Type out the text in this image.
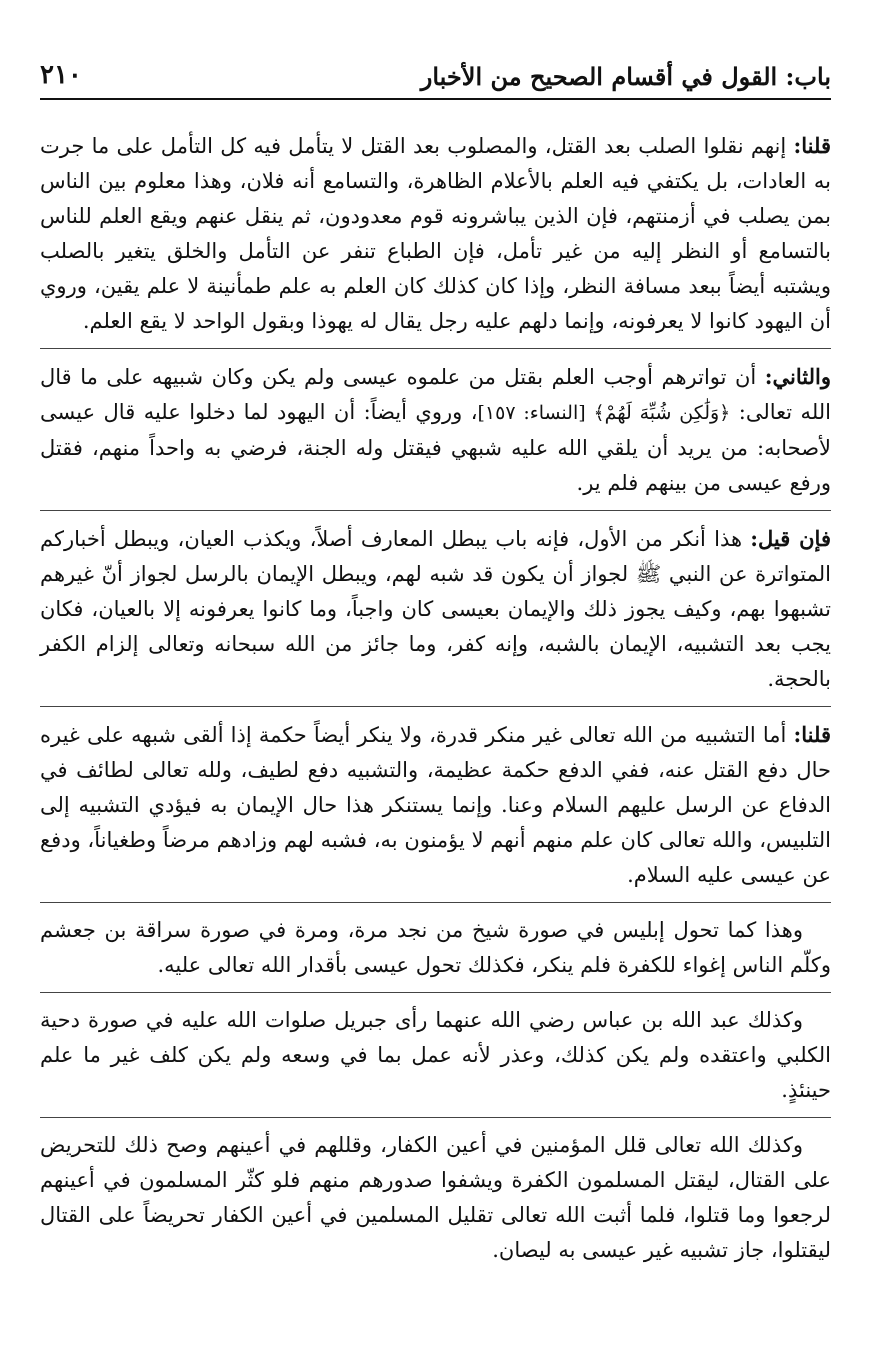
باب: القول في أقسام الصحيح من الأخبار
٢١٠

قلنا: إنهم نقلوا الصلب بعد القتل، والمصلوب بعد القتل لا يتأمل فيه كل التأمل على ما جرت به العادات، بل يكتفي فيه العلم بالأعلام الظاهرة، والتسامع أنه فلان، وهذا معلوم بين الناس بمن يصلب في أزمنتهم، فإن الذين يباشرونه قوم معدودون، ثم ينقل عنهم ويقع العلم للناس بالتسامع أو النظر إليه من غير تأمل، فإن الطباع تنفر عن التأمل والخلق يتغير بالصلب ويشتبه أيضاً ببعد مسافة النظر، وإذا كان كذلك كان العلم به علم طمأنينة لا علم يقين، وروي أن اليهود كانوا لا يعرفونه، وإنما دلهم عليه رجل يقال له يهوذا وبقول الواحد لا يقع العلم.

والثاني: أن تواترهم أوجب العلم بقتل من علموه عيسى ولم يكن وكان شبيهه على ما قال الله تعالى: ﴿وَلَٰكِن شُبِّهَ لَهُمْ﴾ [النساء: ١٥٧]، وروي أيضاً: أن اليهود لما دخلوا عليه قال عيسى لأصحابه: من يريد أن يلقي الله عليه شبهي فيقتل وله الجنة، فرضي به واحداً منهم، فقتل ورفع عيسى من بينهم فلم ير.

فإن قيل: هذا أنكر من الأول، فإنه باب يبطل المعارف أصلاً، ويكذب العيان، ويبطل أخباركم المتواترة عن النبي ﷺ لجواز أن يكون قد شبه لهم، ويبطل الإيمان بالرسل لجواز أنّ غيرهم تشبهوا بهم، وكيف يجوز ذلك والإيمان بعيسى كان واجباً، وما كانوا يعرفونه إلا بالعيان، فكان يجب بعد التشبيه، الإيمان بالشبه، وإنه كفر، وما جائز من الله سبحانه وتعالى إلزام الكفر بالحجة.

قلنا: أما التشبيه من الله تعالى غير منكر قدرة، ولا ينكر أيضاً حكمة إذا ألقى شبهه على غيره حال دفع القتل عنه، ففي الدفع حكمة عظيمة، والتشبيه دفع لطيف، ولله تعالى لطائف في الدفاع عن الرسل عليهم السلام وعنا. وإنما يستنكر هذا حال الإيمان به فيؤدي التشبيه إلى التلبيس، والله تعالى كان علم منهم أنهم لا يؤمنون به، فشبه لهم وزادهم مرضاً وطغياناً، ودفع عن عيسى عليه السلام.

وهذا كما تحول إبليس في صورة شيخ من نجد مرة، ومرة في صورة سراقة بن جعشم وكلّم الناس إغواء للكفرة فلم ينكر، فكذلك تحول عيسى بأقدار الله تعالى عليه.

وكذلك عبد الله بن عباس رضي الله عنهما رأى جبريل صلوات الله عليه في صورة دحية الكلبي واعتقده ولم يكن كذلك، وعذر لأنه عمل بما في وسعه ولم يكن كلف غير ما علم حينئذٍ.

وكذلك الله تعالى قلل المؤمنين في أعين الكفار، وقللهم في أعينهم وصح ذلك للتحريض على القتال، ليقتل المسلمون الكفرة ويشفوا صدورهم منهم فلو كثّر المسلمون في أعينهم لرجعوا وما قتلوا، فلما أثبت الله تعالى تقليل المسلمين في أعين الكفار تحريضاً على القتال ليقتلوا، جاز تشبيه غير عيسى به ليصان.
